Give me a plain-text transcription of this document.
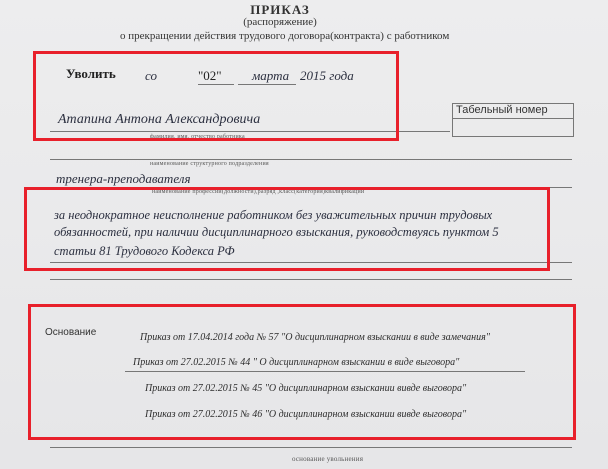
ПРИКАЗ
(распоряжение)
о прекращении действия трудового договора(контракта) с работником
Уволить со	"02" марта 2015 года
Атапина Антона Александровича
фамилия, имя, отчество работника
Табельный номер
наименование структурного подразделения
тренера-преподавателя
наименование профессии(должности),разряд ,класс(категория)квалификации
за неоднократное неисполнение работником без уважительных причин трудовых
обязанностей, при наличии дисциплинарного взыскания, руководствуясь пунктом 5
статьи 81 Трудового Кодекса РФ
Основание	Приказ от 17.04.2014 года № 57 "О дисциплинарном взыскании в виде замечания"
Приказ от 27.02.2015 № 44 " О дисциплинарном взыскании в виде выговора"
Приказ от 27.02.2015 № 45 "О дисциплинарном взыскании вивде выговора"
Приказ от 27.02.2015 № 46 "О дисциплинарном взыскании вивде выговора"
основание увольнения
